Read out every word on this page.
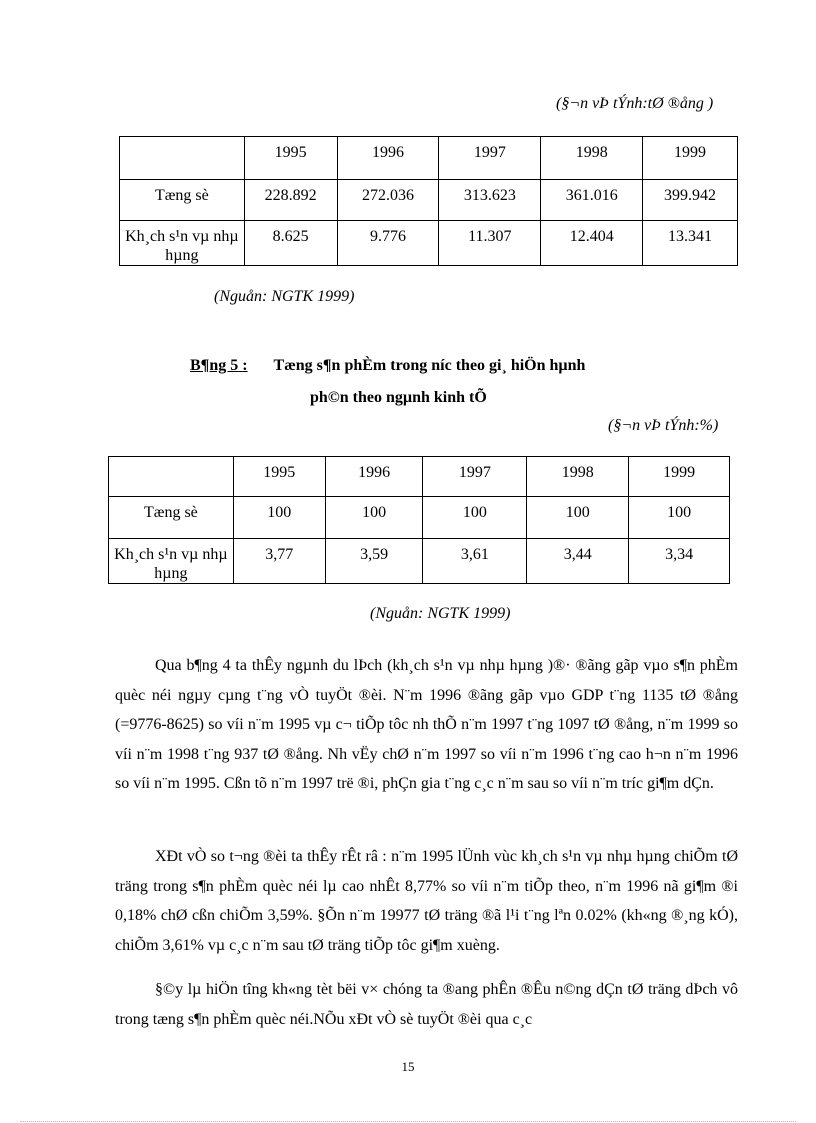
(§¬n vÞ tÝnh:tØ ®ång )
	1995	1996	1997	1998	1999
Tæng sè	228.892	272.036	313.623	361.016	399.942
Kh¸ch s¹n vµ nhµ hµng	8.625	9.776	11.307	12.404	13.341
(Nguån: NGTK 1999)
B¶ng 5 : Tæng s¶n phÈm trong níc theo gi¸ hiÖn hµnh
ph©n theo ngµnh kinh tÕ
(§¬n vÞ tÝnh:%)
	1995	1996	1997	1998	1999
Tæng sè	100	100	100	100	100
Kh¸ch s¹n vµ nhµ hµng	3,77	3,59	3,61	3,44	3,34
(Nguån: NGTK 1999)
Qua b¶ng 4 ta thÊy ngµnh du lÞch (kh¸ch s¹n vµ nhµ hµng )®· ®ãng gãp vµo s¶n phÈm quèc néi ngµy cµng t¨ng vÒ tuyÖt ®èi. N¨m 1996 ®ãng gãp vµo GDP t¨ng 1135 tØ ®ång (=9776-8625) so víi n¨m 1995 vµ c¬ tiÕp tôc nh thÕ n¨m 1997 t¨ng 1097 tØ ®ång, n¨m 1999 so víi n¨m 1998 t¨ng 937 tØ ®ång. Nh vËy chØ n¨m 1997 so víi n¨m 1996 t¨ng cao h¬n n¨m 1996 so víi n¨m 1995. Cßn tõ n¨m 1997 trë ®i, phÇn gia t¨ng c¸c n¨m sau so víi n¨m tríc gi¶m dÇn.
XÐt vÒ so t¬ng ®èi ta thÊy rÊt râ : n¨m 1995 lÜnh vùc kh¸ch s¹n vµ nhµ hµng chiÕm tØ träng trong s¶n phÈm quèc néi lµ cao nhÊt 8,77% so víi n¨m tiÕp theo, n¨m 1996 nã gi¶m ®i 0,18% chØ cßn chiÕm 3,59%. §Õn n¨m 19977 tØ träng ®ã l¹i t¨ng lªn 0.02% (kh«ng ®¸ng kÓ), chiÕm 3,61% vµ c¸c n¨m sau tØ träng tiÕp tôc gi¶m xuèng.
§©y lµ hiÖn tîng kh«ng tèt bëi v× chóng ta ®ang phÊn ®Êu n©ng dÇn tØ träng dÞch vô trong tæng s¶n phÈm quèc néi.NÕu xÐt vÒ sè tuyÖt ®èi qua c¸c
15
